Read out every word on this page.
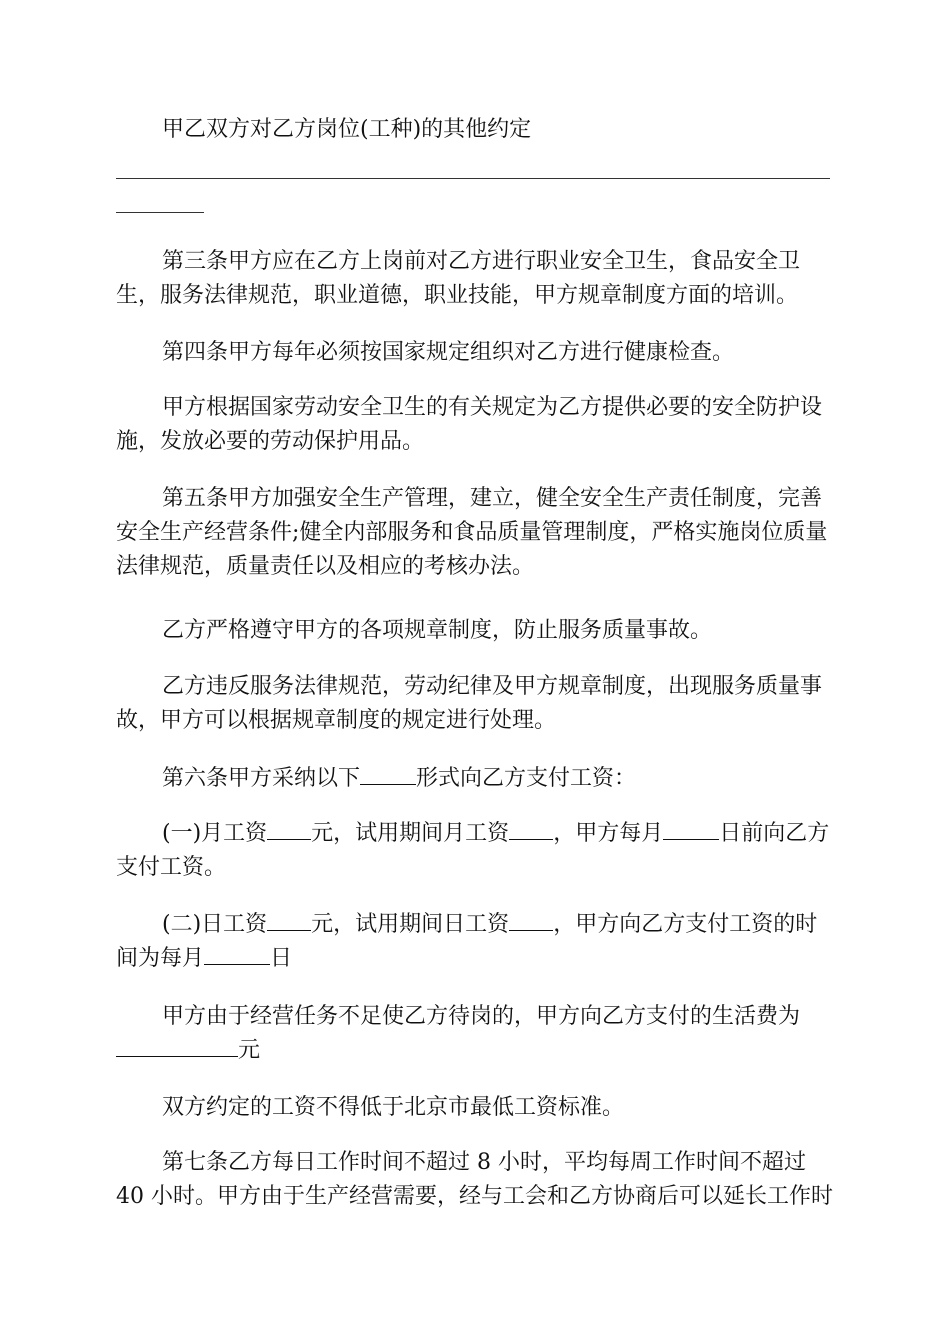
甲乙双方对乙方岗位(工种)的其他约定

第三条甲方应在乙方上岗前对乙方进行职业安全卫生，食品安全卫生，服务法律规范，职业道德，职业技能，甲方规章制度方面的培训。

第四条甲方每年必须按国家规定组织对乙方进行健康检查。

甲方根据国家劳动安全卫生的有关规定为乙方提供必要的安全防护设施，发放必要的劳动保护用品。

第五条甲方加强安全生产管理，建立，健全安全生产责任制度，完善安全生产经营条件;健全内部服务和食品质量管理制度，严格实施岗位质量法律规范，质量责任以及相应的考核办法。

乙方严格遵守甲方的各项规章制度，防止服务质量事故。

乙方违反服务法律规范，劳动纪律及甲方规章制度，出现服务质量事故，甲方可以根据规章制度的规定进行处理。

第六条甲方采纳以下	形式向乙方支付工资：

(一)月工资 元，试用期间月工资 ，甲方每月	日前向乙方支付工资。

(二)日工资 元，试用期间日工资 ，甲方向乙方支付工资的时间为每月	日

甲方由于经营任务不足使乙方待岗的，甲方向乙方支付的生活费为元

双方约定的工资不得低于北京市最低工资标准。

第七条乙方每日工作时间不超过 8 小时，平均每周工作时间不超过 40 小时。甲方由于生产经营需要，经与工会和乙方协商后可以延长工作时
